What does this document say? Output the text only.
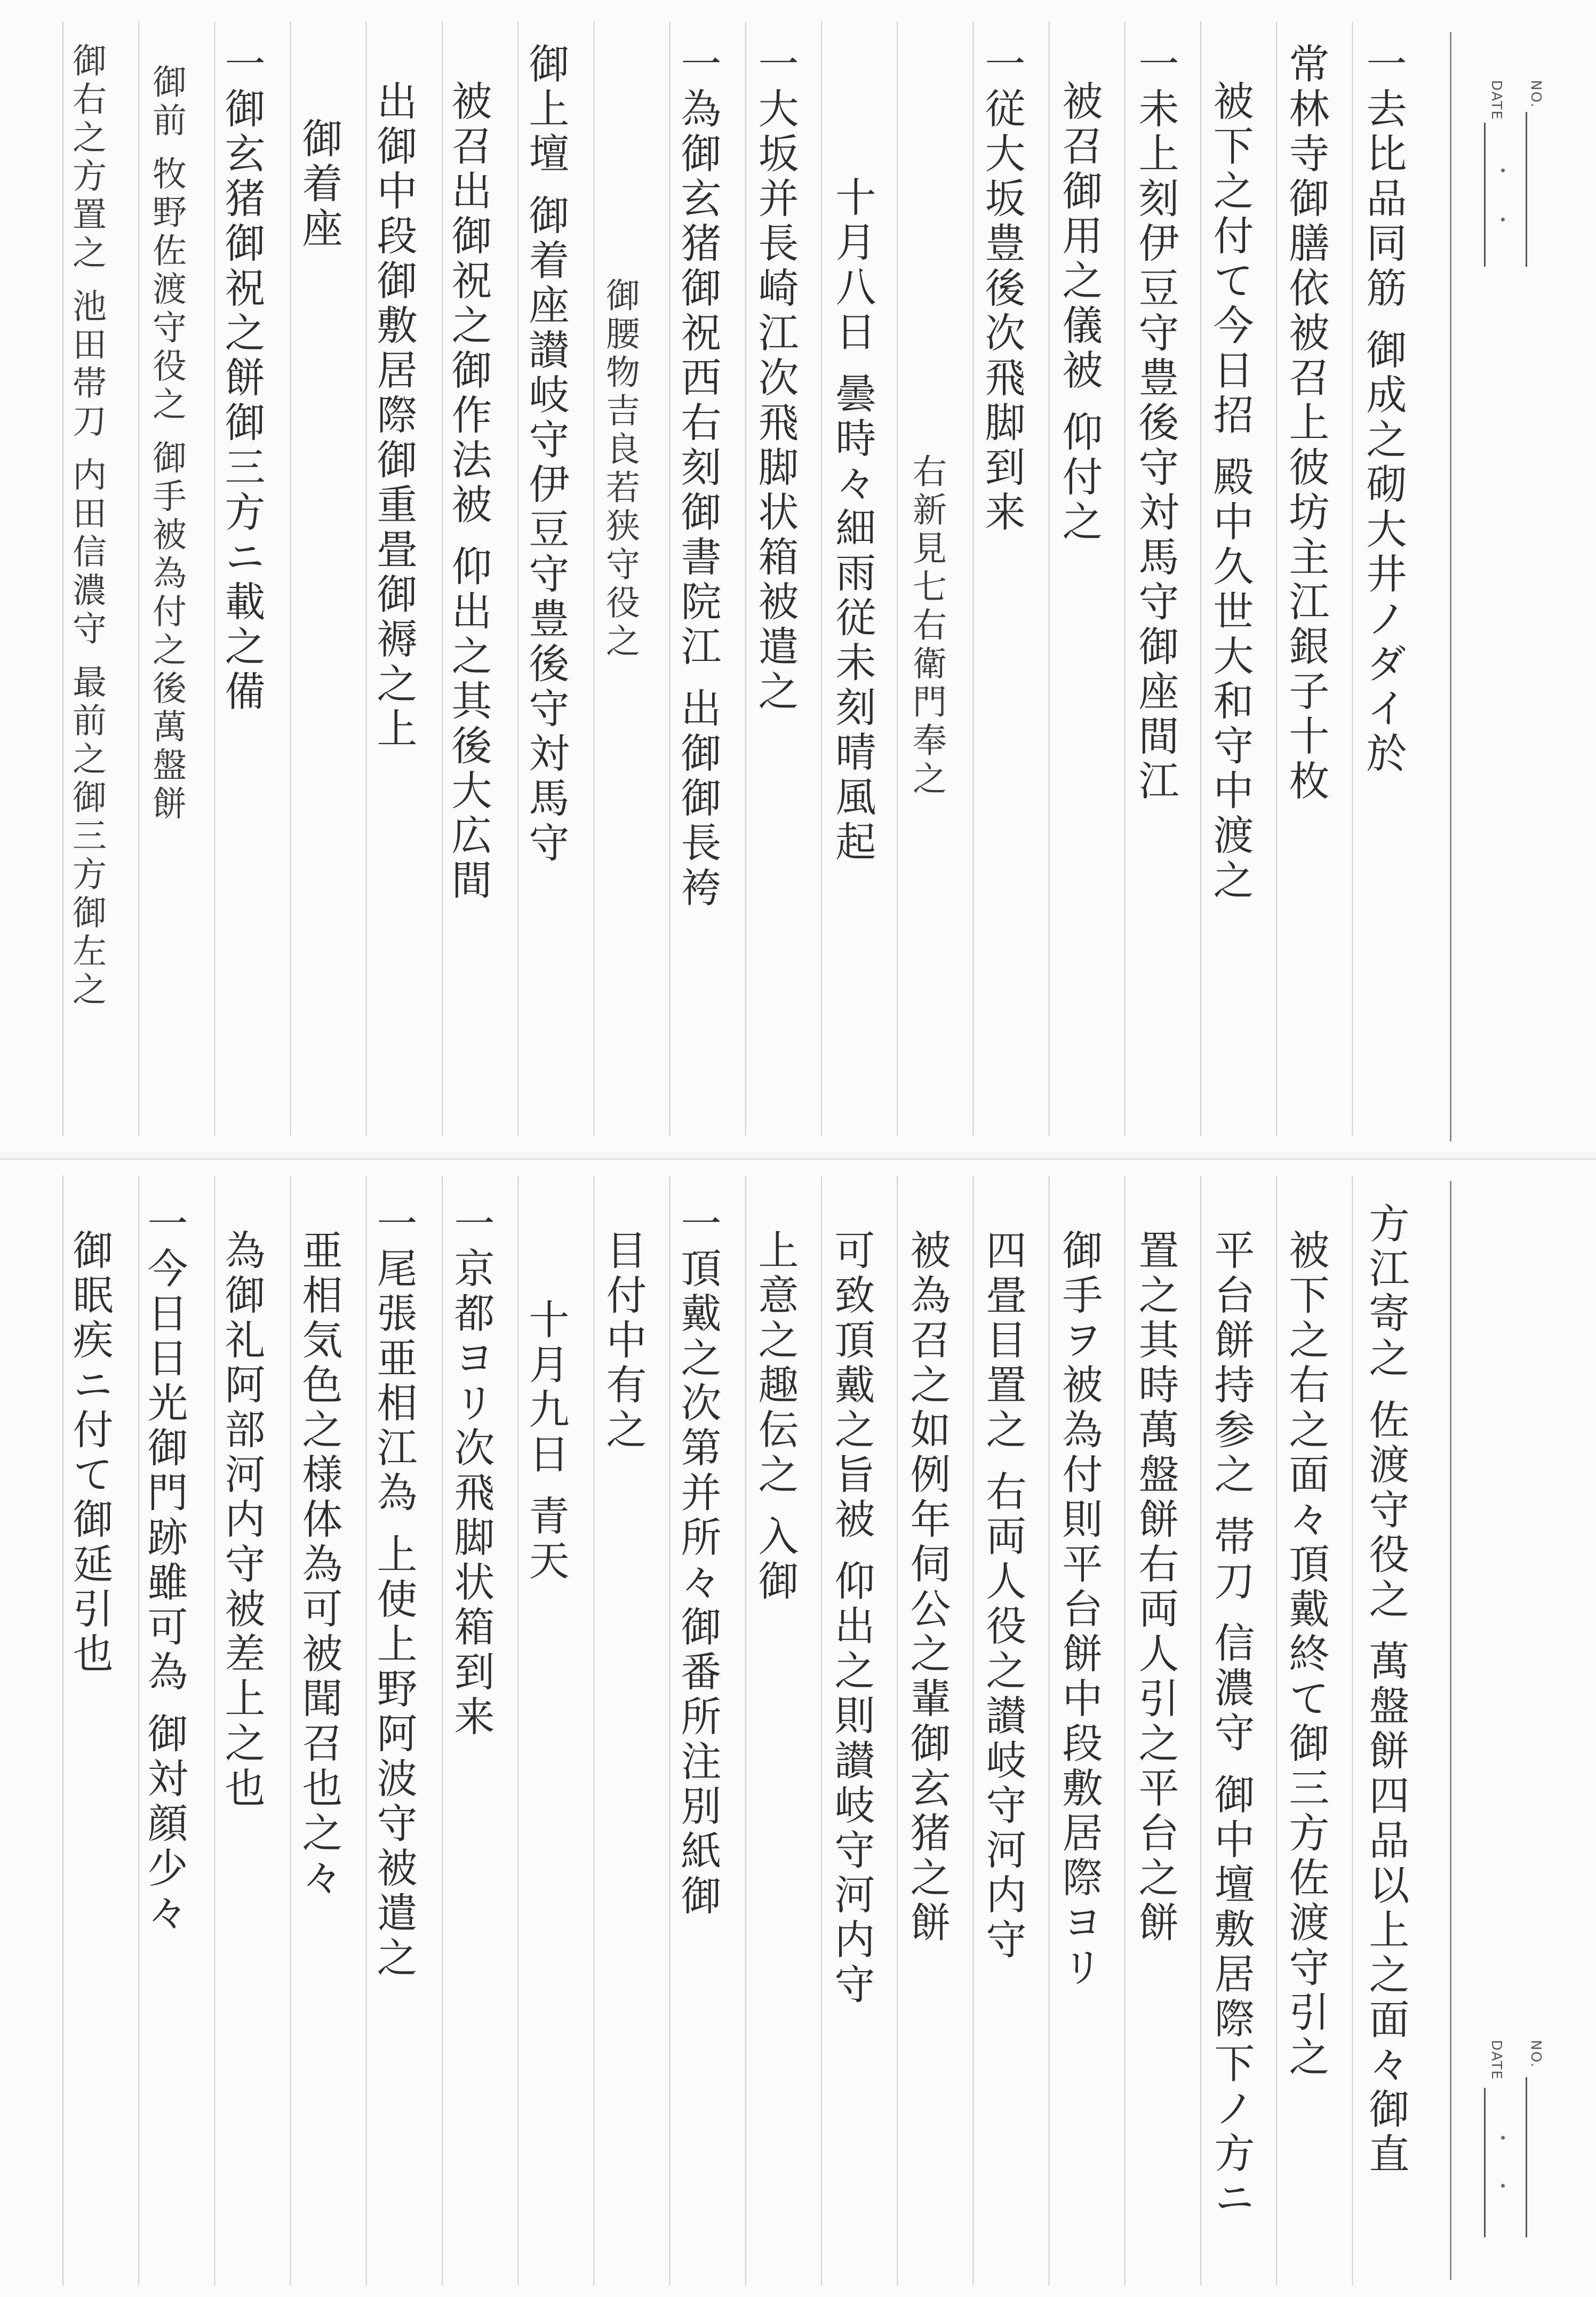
NO.
DATE
一去比品同筋 御成之砌大井ノダイ於
常林寺御膳依被召上彼坊主江銀子十枚
被下之付て今日招 殿中久世大和守中渡之
一未上刻伊豆守豊後守対馬守御座間江
被召御用之儀被 仰付之
一従大坂豊後次飛脚到来
右新見七右衛門奉之
十月八日 曇時々細雨従未刻晴風起
一大坂并長崎江次飛脚状箱被遣之
一為御玄猪御祝西右刻御書院江 出御御長袴
御腰物吉良若狭守役之
御上壇 御着座讃岐守伊豆守豊後守対馬守
被召出御祝之御作法被 仰出之其後大広間
出御中段御敷居際御重畳御褥之上
御着座
一御玄猪御祝之餅御三方ニ載之備
御前 牧野佐渡守役之 御手被為付之後萬盤餅
御右之方置之 池田帯刀 内田信濃守 最前之御三方御左之
NO.
DATE
方江寄之 佐渡守役之 萬盤餅四品以上之面々御直
被下之右之面々頂戴終て御三方佐渡守引之
平台餅持参之 帯刀 信濃守 御中壇敷居際下ノ方ニ
置之其時萬盤餅右両人引之平台之餅
御手ヲ被為付則平台餅中段敷居際ヨリ
四畳目置之 右両人役之讃岐守河内守
被為召之如例年伺公之輩御玄猪之餅
可致頂戴之旨被 仰出之則讃岐守河内守
上意之趣伝之 入御
一頂戴之次第并所々御番所注別紙御
目付中有之
十月九日 青天
一京都ヨリ次飛脚状箱到来
一尾張亜相江為 上使上野阿波守被遣之
亜相気色之様体為可被聞召也之々
為御礼阿部河内守被差上之也
一今日日光御門跡雖可為 御対顔少々
御眠疾ニ付て御延引也
